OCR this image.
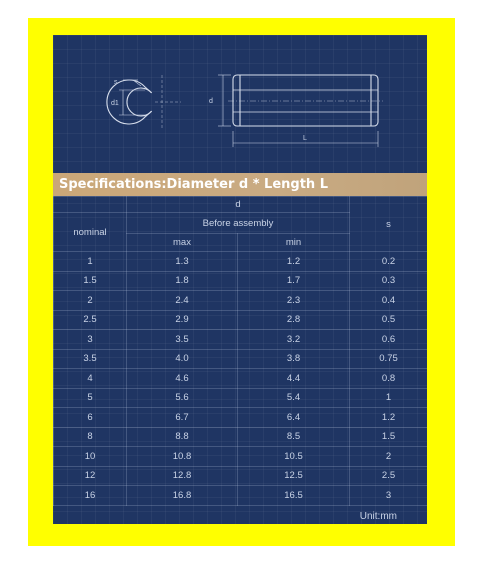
s
d1	d
L
Specifications:Diameter d * Length L
	d		s
nominal	Before assembly		
	max	min	
1	1.3	1.2	0.2
1.5	1.8	1.7	0.3
2	2.4	2.3	0.4
2.5	2.9	2.8	0.5
3	3.5	3.2	0.6
3.5	4.0	3.8	0.75
4	4.6	4.4	0.8
5	5.6	5.4	1
6	6.7	6.4	1.2
8	8.8	8.5	1.5
10	10.8	10.5	2
12	12.8	12.5	2.5
16	16.8	16.5	3
Unit:mm
